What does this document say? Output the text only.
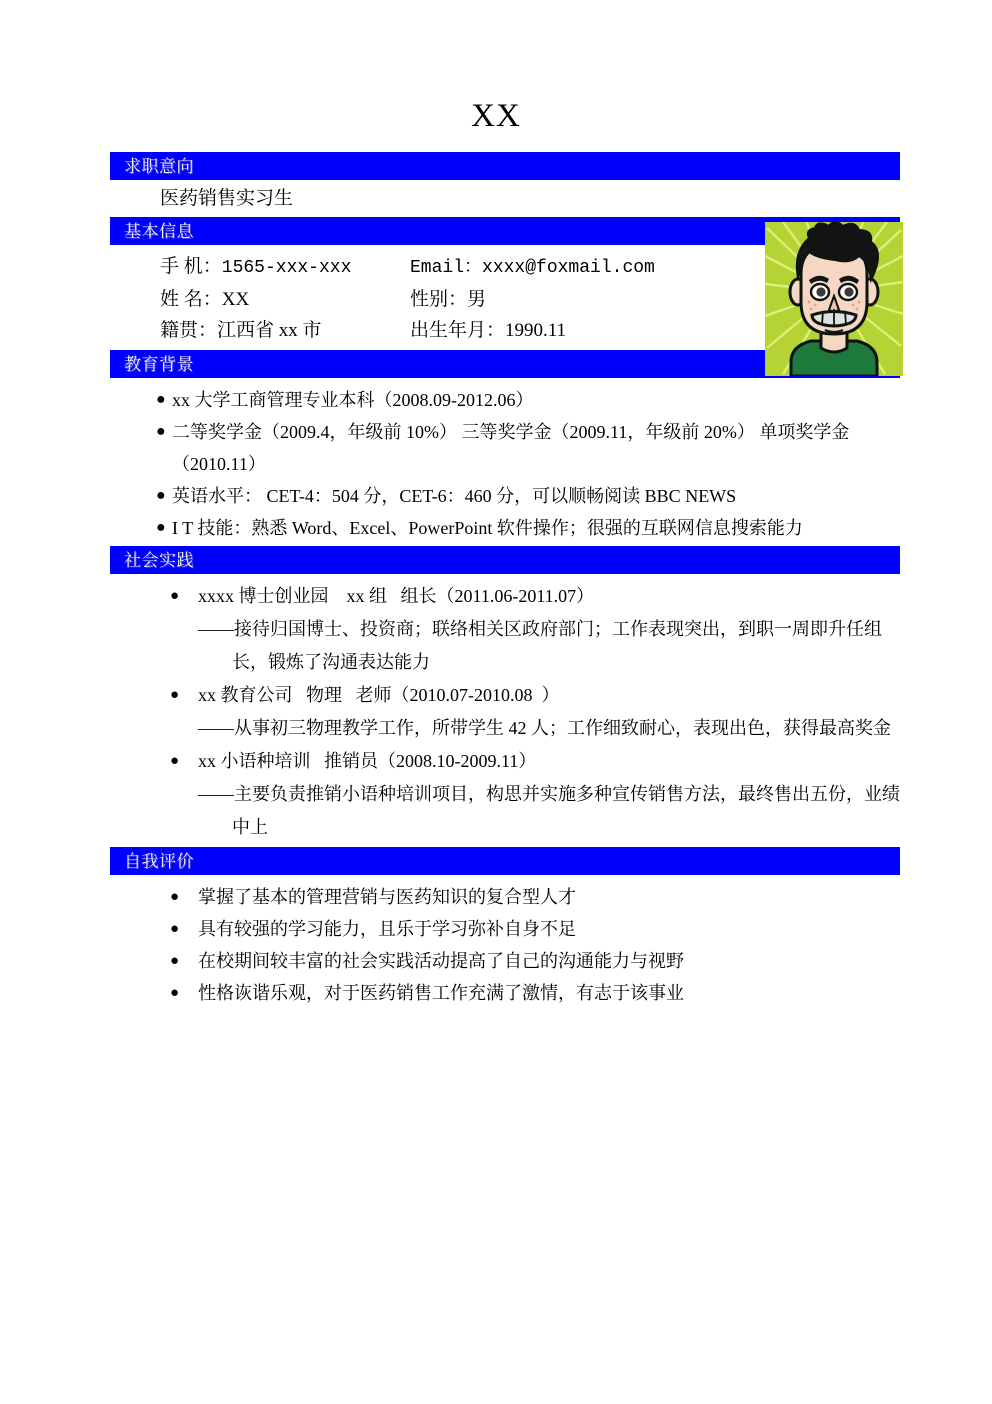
XX
求职意向
医药销售实习生
基本信息
手 机：1565-xxx-xxx	Email：xxxx@foxmail.com
姓 名：XX	性别：男
籍贯：江西省 xx 市	出生年月：1990.11
教育背景
● xx 大学工商管理专业本科（2008.09-2012.06）
● 二等奖学金（2009.4，年级前 10%） 三等奖学金（2009.11，年级前 20%） 单项奖学金（2010.11）
● 英语水平： CET-4：504 分，CET-6：460 分，可以顺畅阅读 BBC NEWS
● I T 技能：熟悉 Word、Excel、PowerPoint 软件操作；很强的互联网信息搜索能力
社会实践
● xxxx 博士创业园    xx 组   组长（2011.06-2011.07）
——接待归国博士、投资商；联络相关区政府部门；工作表现突出，到职一周即升任组长，锻炼了沟通表达能力
● xx 教育公司   物理   老师（2010.07-2010.08  ）
——从事初三物理教学工作，所带学生 42 人；工作细致耐心，表现出色，获得最高奖金
● xx 小语种培训   推销员（2008.10-2009.11）
——主要负责推销小语种培训项目，构思并实施多种宣传销售方法，最终售出五份，业绩中上
自我评价
● 掌握了基本的管理营销与医药知识的复合型人才
● 具有较强的学习能力，且乐于学习弥补自身不足
● 在校期间较丰富的社会实践活动提高了自己的沟通能力与视野
● 性格诙谐乐观，对于医药销售工作充满了激情，有志于该事业
